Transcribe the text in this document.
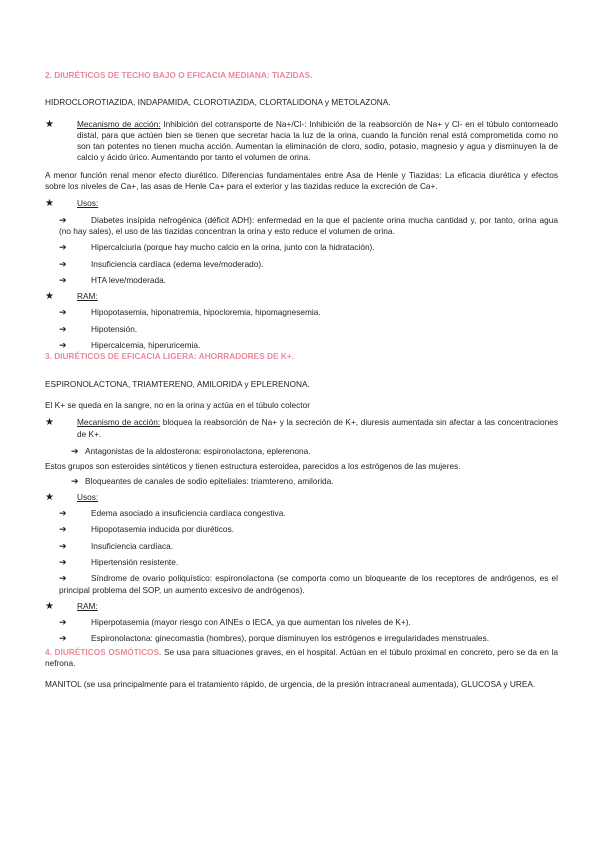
2. DIURÉTICOS DE TECHO BAJO O EFICACIA MEDIANA: TIAZIDAS.

HIDROCLOROTIAZIDA, INDAPAMIDA, CLOROTIAZIDA, CLORTALIDONA y METOLAZONA.

★	Mecanismo de acción: Inhibición del cotransporte de Na+/Cl-: Inhibición de la reabsorción de Na+ y Cl- en el túbulo contorneado distal, para que actúen bien se tienen que secretar hacia la luz de la orina, cuando la función renal está comprometida como no son tan potentes no tienen mucha acción. Aumentan la eliminación de cloro, sodio, potasio, magnesio y agua y disminuyen la de calcio y ácido úrico. Aumentando por tanto el volumen de orina.

A menor función renal menor efecto diurético. Diferencias fundamentales entre Asa de Henle y Tiazidas: La eficacia diurética y efectos sobre los niveles de Ca+, las asas de Henle Ca+ para el exterior y las tiazidas reduce la excreción de Ca+.

★	Usos:
➔	Diabetes insípida nefrogénica (déficit ADH): enfermedad en la que el paciente orina mucha cantidad y, por tanto, orina agua (no hay sales), el uso de las tiazidas concentran la orina y esto reduce el volumen de orina.

➔	Hipercalciuria (porque hay mucho calcio en la orina, junto con la hidratación).

➔	Insuficiencia cardíaca (edema leve/moderado).

➔	HTA leve/moderada.

★	RAM:
➔	Hipopotasemia, hiponatremia, hipocloremia, hipomagnesemia.

➔	Hipotensión.

➔	Hipercalcemia, hiperuricemia.

3. DIURÉTICOS DE EFICACIA LIGERA: AHORRADORES DE K+.

ESPIRONOLACTONA, TRIAMTERENO, AMILORIDA y EPLERENONA.

El K+ se queda en la sangre, no en la orina y actúa en el túbulo colector

★	Mecanismo de acción: bloquea la reabsorción de Na+ y la secreción de K+, diuresis aumentada sin afectar a las concentraciones de K+.

➔ Antagonistas de la aldosterona: espironolactona, eplerenona.

Estos grupos son esteroides sintéticos y tienen estructura esteroidea, parecidos a los estrógenos de las mujeres.

➔ Bloqueantes de canales de sodio epiteliales: triamtereno, amilorida.

★	Usos:
➔	Edema asociado a insuficiencia cardíaca congestiva.

➔	Hipopotasemia inducida por diuréticos.

➔	Insuficiencia cardíaca.

➔	Hipertensión resistente.

➔	Síndrome de ovario poliquístico: espironolactona (se comporta como un bloqueante de los receptores de andrógenos, es el principal problema del SOP, un aumento excesivo de andrógenos).

★	RAM:
➔	Hiperpotasemia (mayor riesgo con AINEs o IECA, ya que aumentan los niveles de K+).

➔	Espironolactona: ginecomastia (hombres), porque disminuyen los estrógenos e irregularidades menstruales.

4. DIURÉTICOS OSMÓTICOS. Se usa para situaciones graves, en el hospital. Actúan en el túbulo proximal en concreto, pero se da en la nefrona.

MANITOL (se usa principalmente para el tratamiento rápido, de urgencia, de la presión intracraneal aumentada), GLUCOSA y UREA.
